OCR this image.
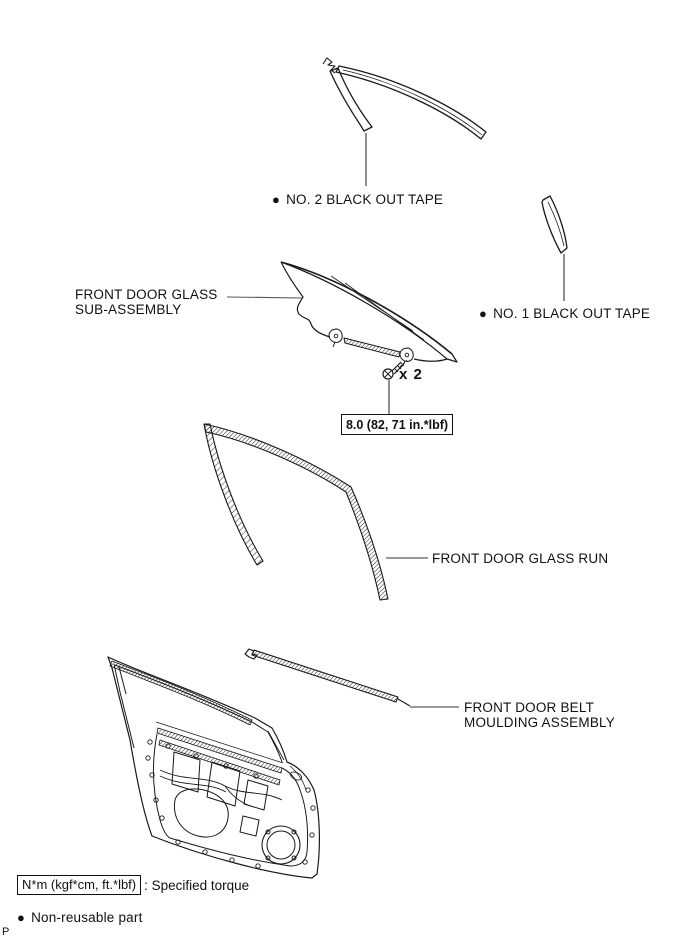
● NO. 2 BLACK OUT TAPE
FRONT DOOR GLASS
SUB-ASSEMBLY	● NO. 1 BLACK OUT TAPE
x 2
8.0 (82, 71 in.*lbf)
FRONT DOOR GLASS RUN
FRONT DOOR BELT
MOULDING ASSEMBLY
N*m (kgf*cm, ft.*lbf) : Specified torque
● Non-reusable part
P
